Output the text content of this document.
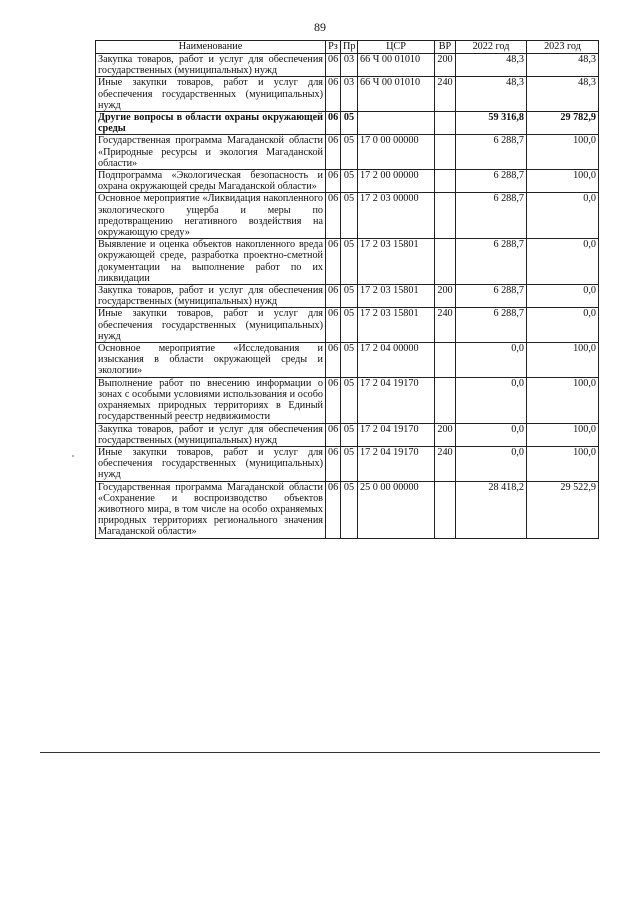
89
Наименование	Рз	Пр	ЦСР	ВР	2022 год	2023 год
Закупка товаров, работ и услуг для обеспечения государственных (муниципальных) нужд	06	03	66 Ч 00 01010	200	48,3	48,3
Иные закупки товаров, работ и услуг для обеспечения государственных (муниципальных) нужд	06	03	66 Ч 00 01010	240	48,3	48,3
Другие вопросы в области охраны окружающей среды	06	05			59 316,8	29 782,9
Государственная программа Магаданской области «Природные ресурсы и экология Магаданской области»	06	05	17 0 00 00000		6 288,7	100,0
Подпрограмма «Экологическая безопасность и охрана окружающей среды Магаданской области»	06	05	17 2 00 00000		6 288,7	100,0
Основное мероприятие «Ликвидация накопленного экологического ущерба и меры по предотвращению негативного воздействия на окружающую среду»	06	05	17 2 03 00000		6 288,7	0,0
Выявление и оценка объектов накопленного вреда окружающей среде, разработка проектно-сметной документации на выполнение работ по их ликвидации	06	05	17 2 03 15801		6 288,7	0,0
Закупка товаров, работ и услуг для обеспечения государственных (муниципальных) нужд	06	05	17 2 03 15801	200	6 288,7	0,0
Иные закупки товаров, работ и услуг для обеспечения государственных (муниципальных) нужд	06	05	17 2 03 15801	240	6 288,7	0,0
Основное мероприятие «Исследования и изыскания в области окружающей среды и экологии»	06	05	17 2 04 00000		0,0	100,0
Выполнение работ по внесению информации о зонах с особыми условиями использования и особо охраняемых природных территориях в Единый государственный реестр недвижимости	06	05	17 2 04 19170		0,0	100,0
Закупка товаров, работ и услуг для обеспечения государственных (муниципальных) нужд	06	05	17 2 04 19170	200	0,0	100,0
Иные закупки товаров, работ и услуг для обеспечения государственных (муниципальных) нужд	06	05	17 2 04 19170	240	0,0	100,0
Государственная программа Магаданской области «Сохранение и воспроизводство объектов животного мира, в том числе на особо охраняемых природных территориях регионального значения Магаданской области»	06	05	25 0 00 00000		28 418,2	29 522,9
